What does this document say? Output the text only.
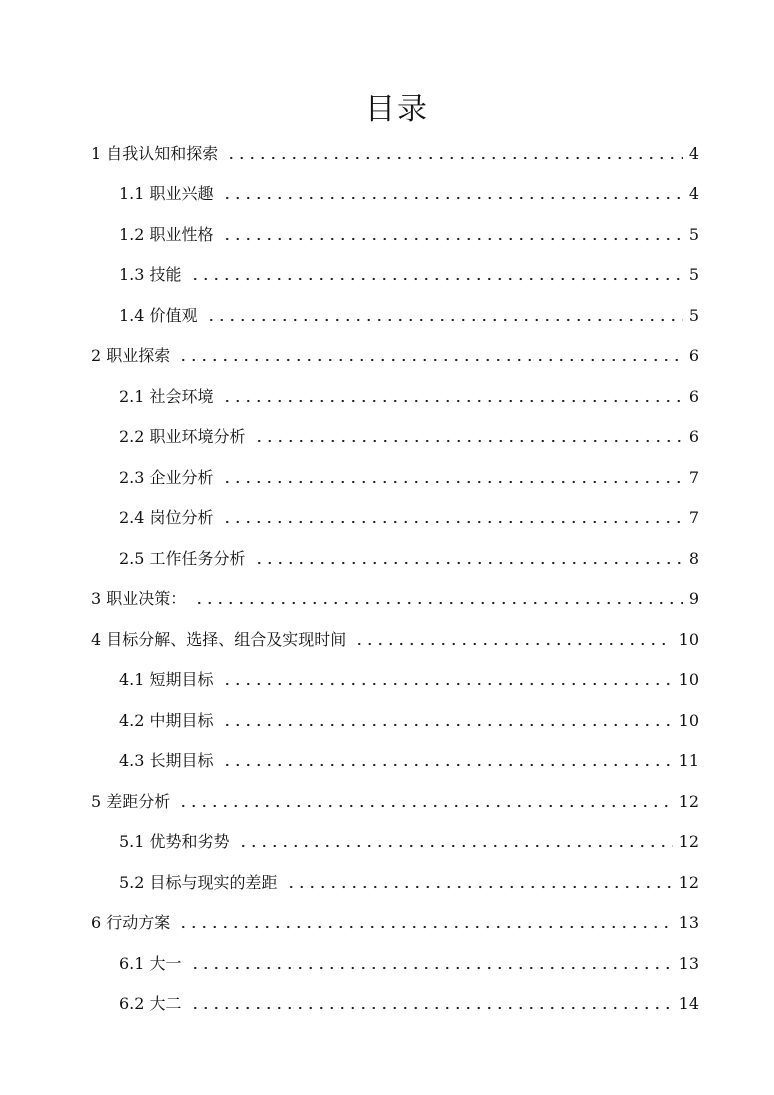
目录
1 自我认知和探索	4
1.1 职业兴趣	4
1.2 职业性格	5
1.3 技能	5
1.4 价值观	5
2 职业探索	6
2.1 社会环境	6
2.2 职业环境分析	6
2.3 企业分析	7
2.4 岗位分析	7
2.5 工作任务分析	8
3 职业决策：	9
4 目标分解、选择、组合及实现时间	10
4.1 短期目标	10
4.2 中期目标	10
4.3 长期目标	11
5 差距分析	12
5.1 优势和劣势	12
5.2 目标与现实的差距	12
6 行动方案	13
6.1 大一	13
6.2 大二	14
